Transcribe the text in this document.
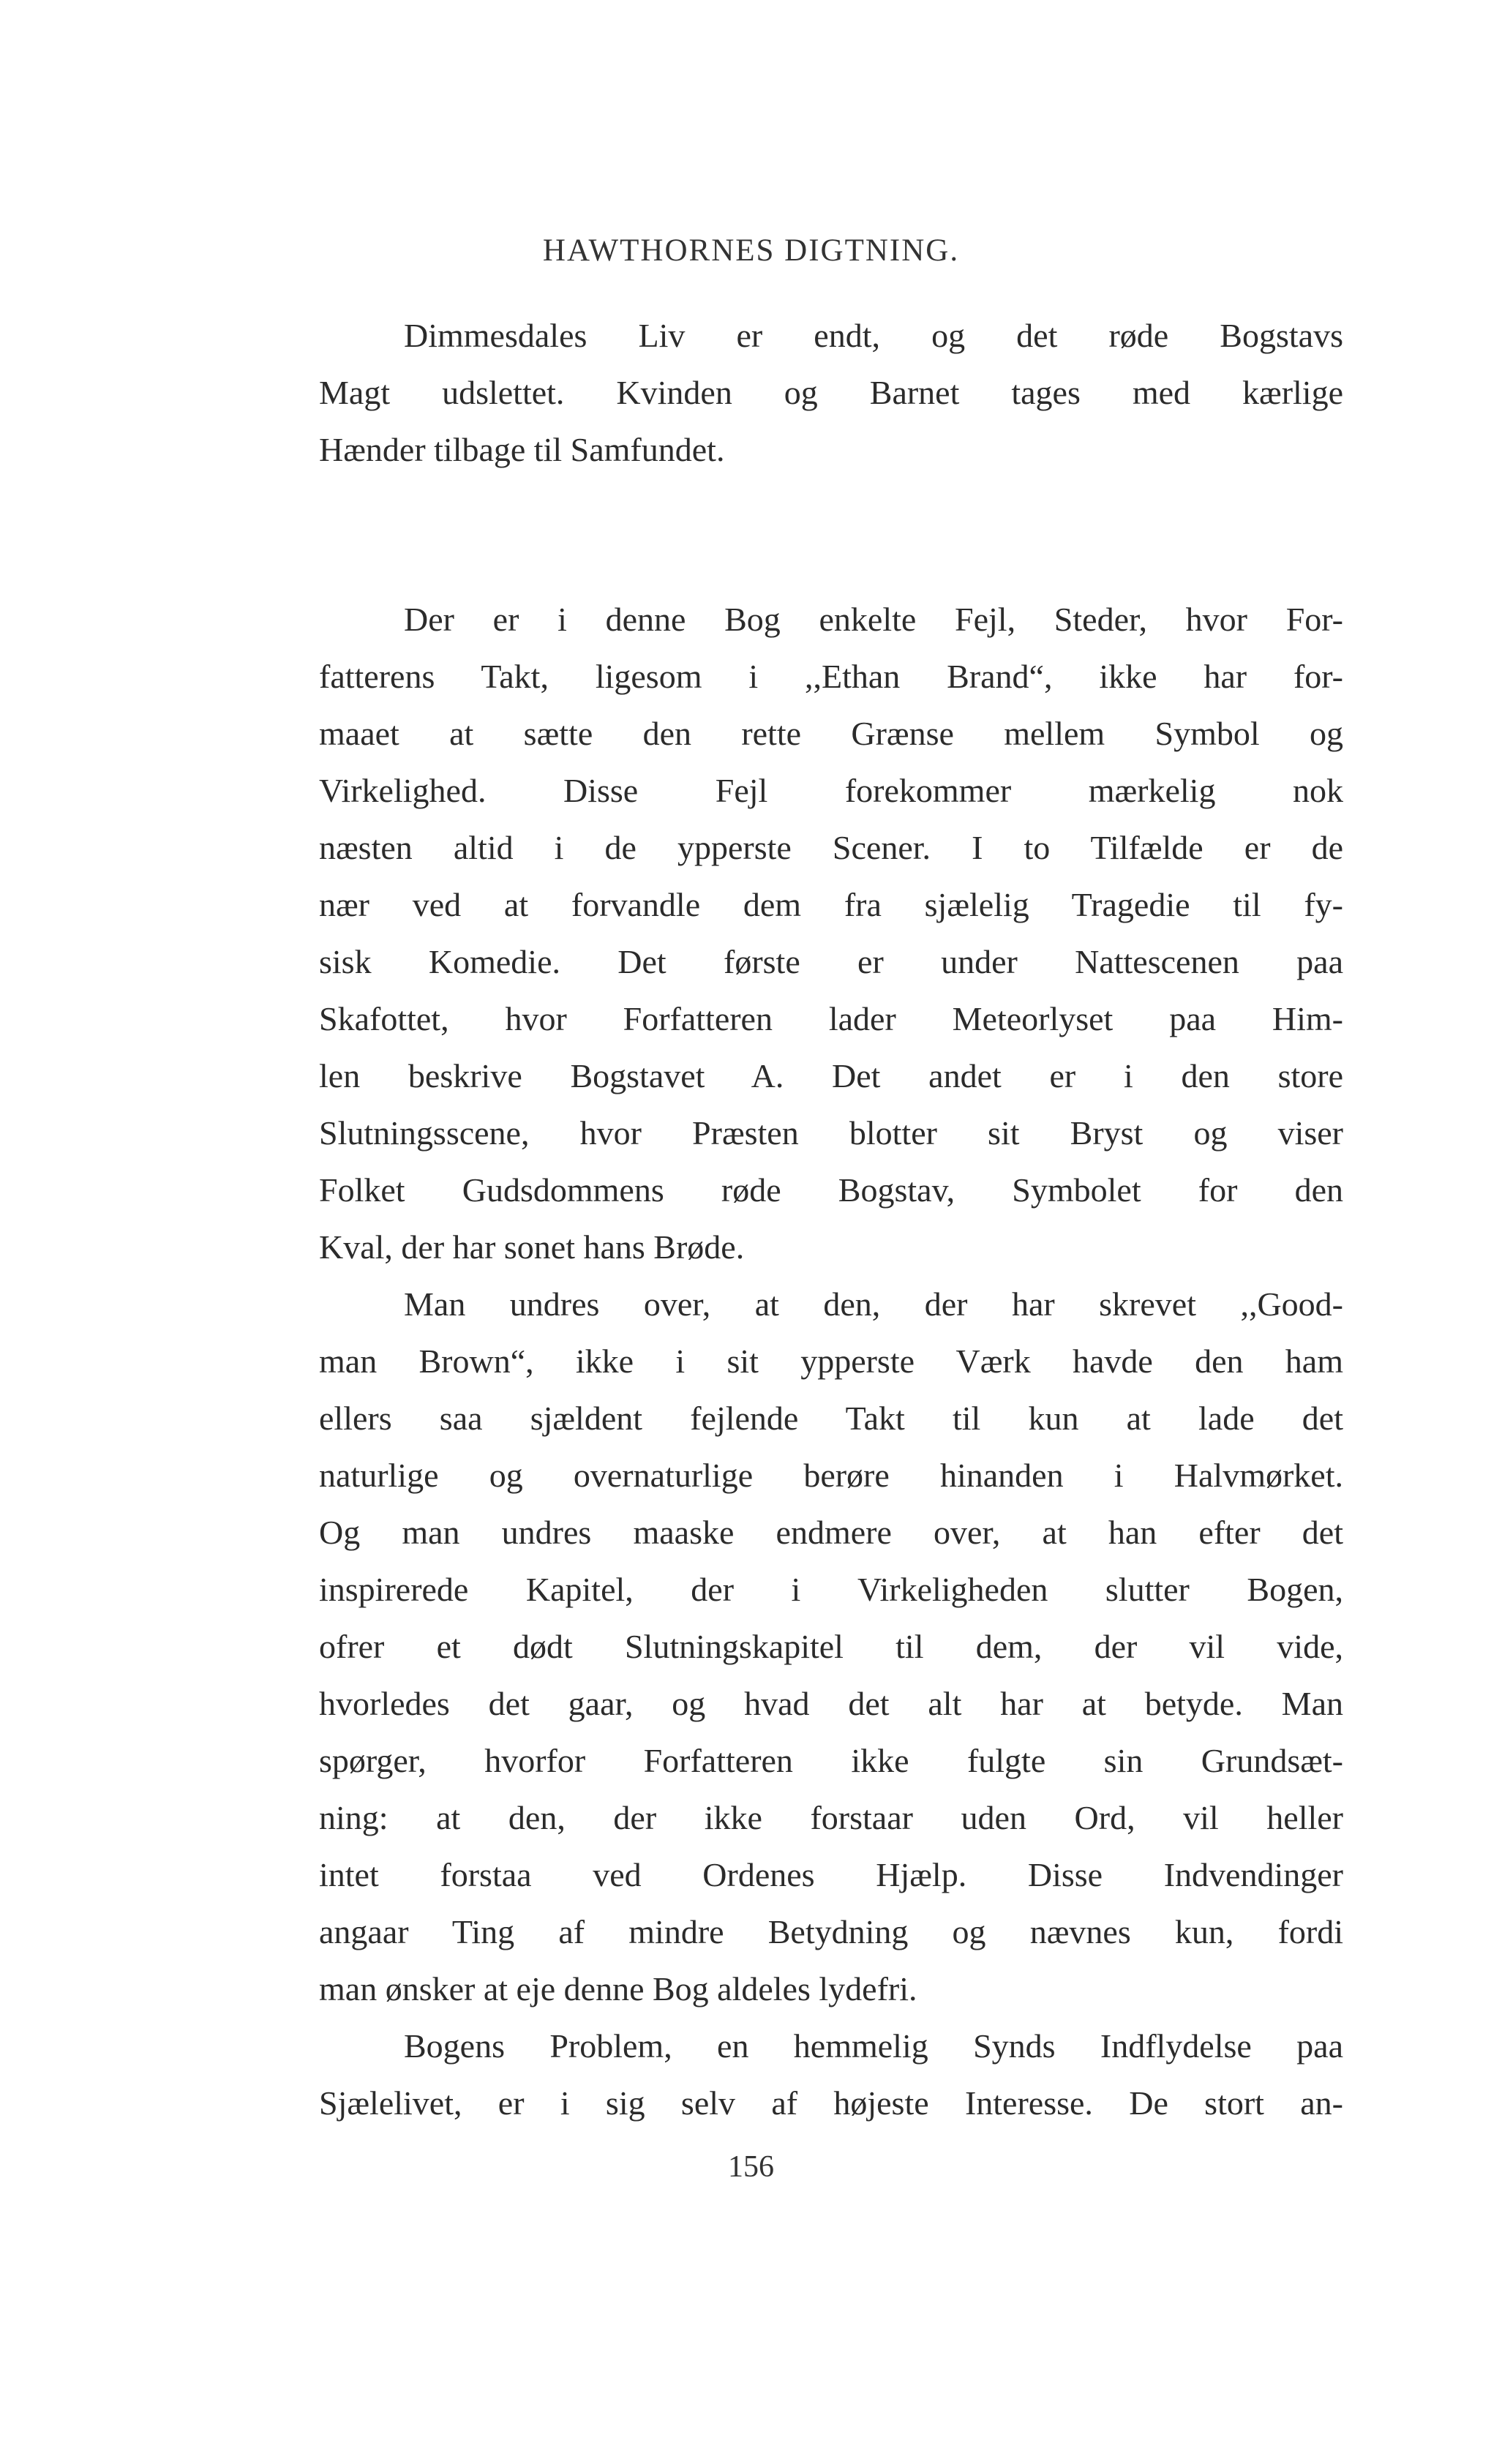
HAWTHORNES DIGTNING.
Dimmesdales Liv er endt, og det røde Bogstavs
Magt udslettet. Kvinden og Barnet tages med kærlige
Hænder tilbage til Samfundet.
Der er i denne Bog enkelte Fejl, Steder, hvor For-
fatterens Takt, ligesom i ,,Ethan Brand“, ikke har for-
maaet at sætte den rette Grænse mellem Symbol og
Virkelighed. Disse Fejl forekommer mærkelig nok
næsten altid i de ypperste Scener. I to Tilfælde er de
nær ved at forvandle dem fra sjælelig Tragedie til fy-
sisk Komedie. Det første er under Nattescenen paa
Skafottet, hvor Forfatteren lader Meteorlyset paa Him-
len beskrive Bogstavet A. Det andet er i den store
Slutningsscene, hvor Præsten blotter sit Bryst og viser
Folket Gudsdommens røde Bogstav, Symbolet for den
Kval, der har sonet hans Brøde.
Man undres over, at den, der har skrevet ,,Good-
man Brown“, ikke i sit ypperste Værk havde den ham
ellers saa sjældent fejlende Takt til kun at lade det
naturlige og overnaturlige berøre hinanden i Halvmørket.
Og man undres maaske endmere over, at han efter det
inspirerede Kapitel, der i Virkeligheden slutter Bogen,
ofrer et dødt Slutningskapitel til dem, der vil vide,
hvorledes det gaar, og hvad det alt har at betyde. Man
spørger, hvorfor Forfatteren ikke fulgte sin Grundsæt-
ning: at den, der ikke forstaar uden Ord, vil heller
intet forstaa ved Ordenes Hjælp. Disse Indvendinger
angaar Ting af mindre Betydning og nævnes kun, fordi
man ønsker at eje denne Bog aldeles lydefri.
Bogens Problem, en hemmelig Synds Indflydelse paa
Sjælelivet, er i sig selv af højeste Interesse. De stort an-
156
